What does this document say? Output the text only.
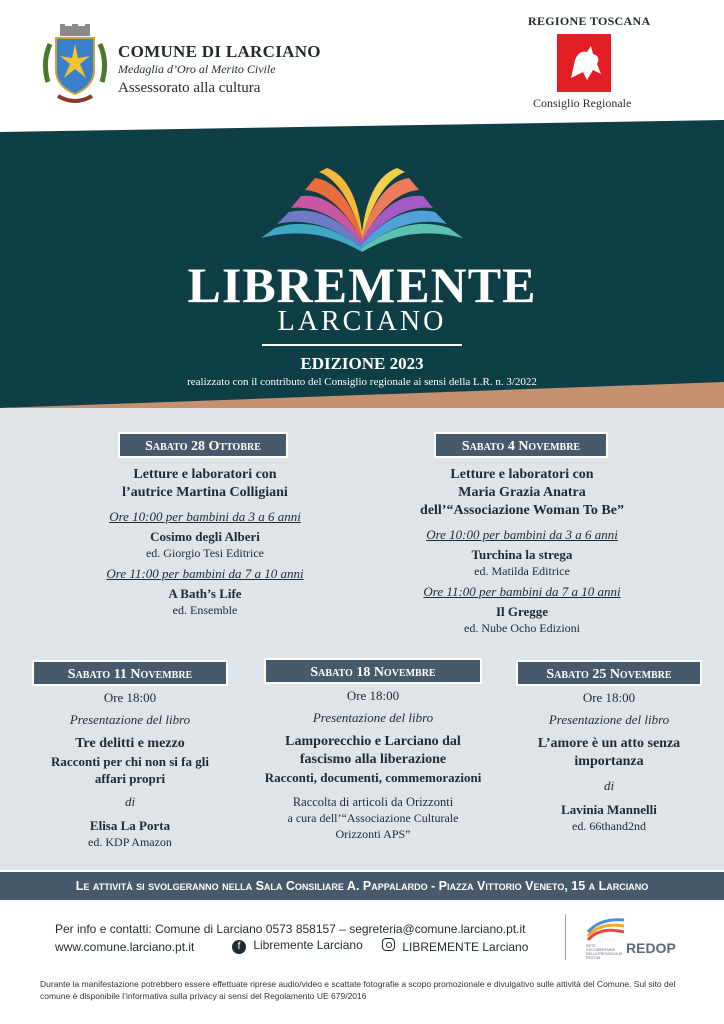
COMUNE DI LARCIANO
Medaglia d’Oro al Merito Civile
Assessorato alla cultura
REGIONE TOSCANA
Consiglio Regionale
LIBREMENTE
LARCIANO
EDIZIONE 2023
realizzato con il contributo del Consiglio regionale ai sensi della L.R. n. 3/2022
Sabato 28 Ottobre
Letture e laboratori con
l’autrice Martina Colligiani
Ore 10:00 per bambini da 3 a 6 anni
Cosimo degli Alberi
ed. Giorgio Tesi Editrice
Ore 11:00 per bambini da 7 a 10 anni
A Bath’s Life
ed. Ensemble
Sabato 4 Novembre
Letture e laboratori con
Maria Grazia Anatra
dell’“Associazione Woman To Be”
Ore 10:00 per bambini da 3 a 6 anni
Turchina la strega
ed. Matilda Editrice
Ore 11:00 per bambini da 7 a 10 anni
Il Gregge
ed. Nube Ocho Edizioni
Sabato 11 Novembre
Ore 18:00
Presentazione del libro
Tre delitti e mezzo
Racconti per chi non si fa gli
affari propri
di
Elisa La Porta
ed. KDP Amazon
Sabato 18 Novembre
Ore 18:00
Presentazione del libro
Lamporecchio e Larciano dal
fascismo alla liberazione
Racconti, documenti, commemorazioni
Raccolta di articoli da Orizzonti
a cura dell’“Associazione Culturale
Orizzonti APS”
Sabato 25 Novembre
Ore 18:00
Presentazione del libro
L’amore è un atto senza
importanza
di
Lavinia Mannelli
ed. 66thand2nd
Le attività si svolgeranno nella Sala Consiliare A. Pappalardo - Piazza Vittorio Veneto, 15 a Larciano
Per info e contatti: Comune di Larciano 0573 858157 – segreteria@comune.larciano.pt.it
www.comune.larciano.pt.it	f Libremente Larciano	LIBREMENTE Larciano	REDOP
RETE DOCUMENTARIA DELLA PROVINCIA DI PISTOIA
Durante la manifestazione potrebbero essere effettuate riprese audio/video e scattate fotografie a scopo promozionale e divulgativo sulle attività del Comune. Sul sito del comune è disponibile l’informativa sulla privacy ai sensi del Regolamento UE 679/2016
